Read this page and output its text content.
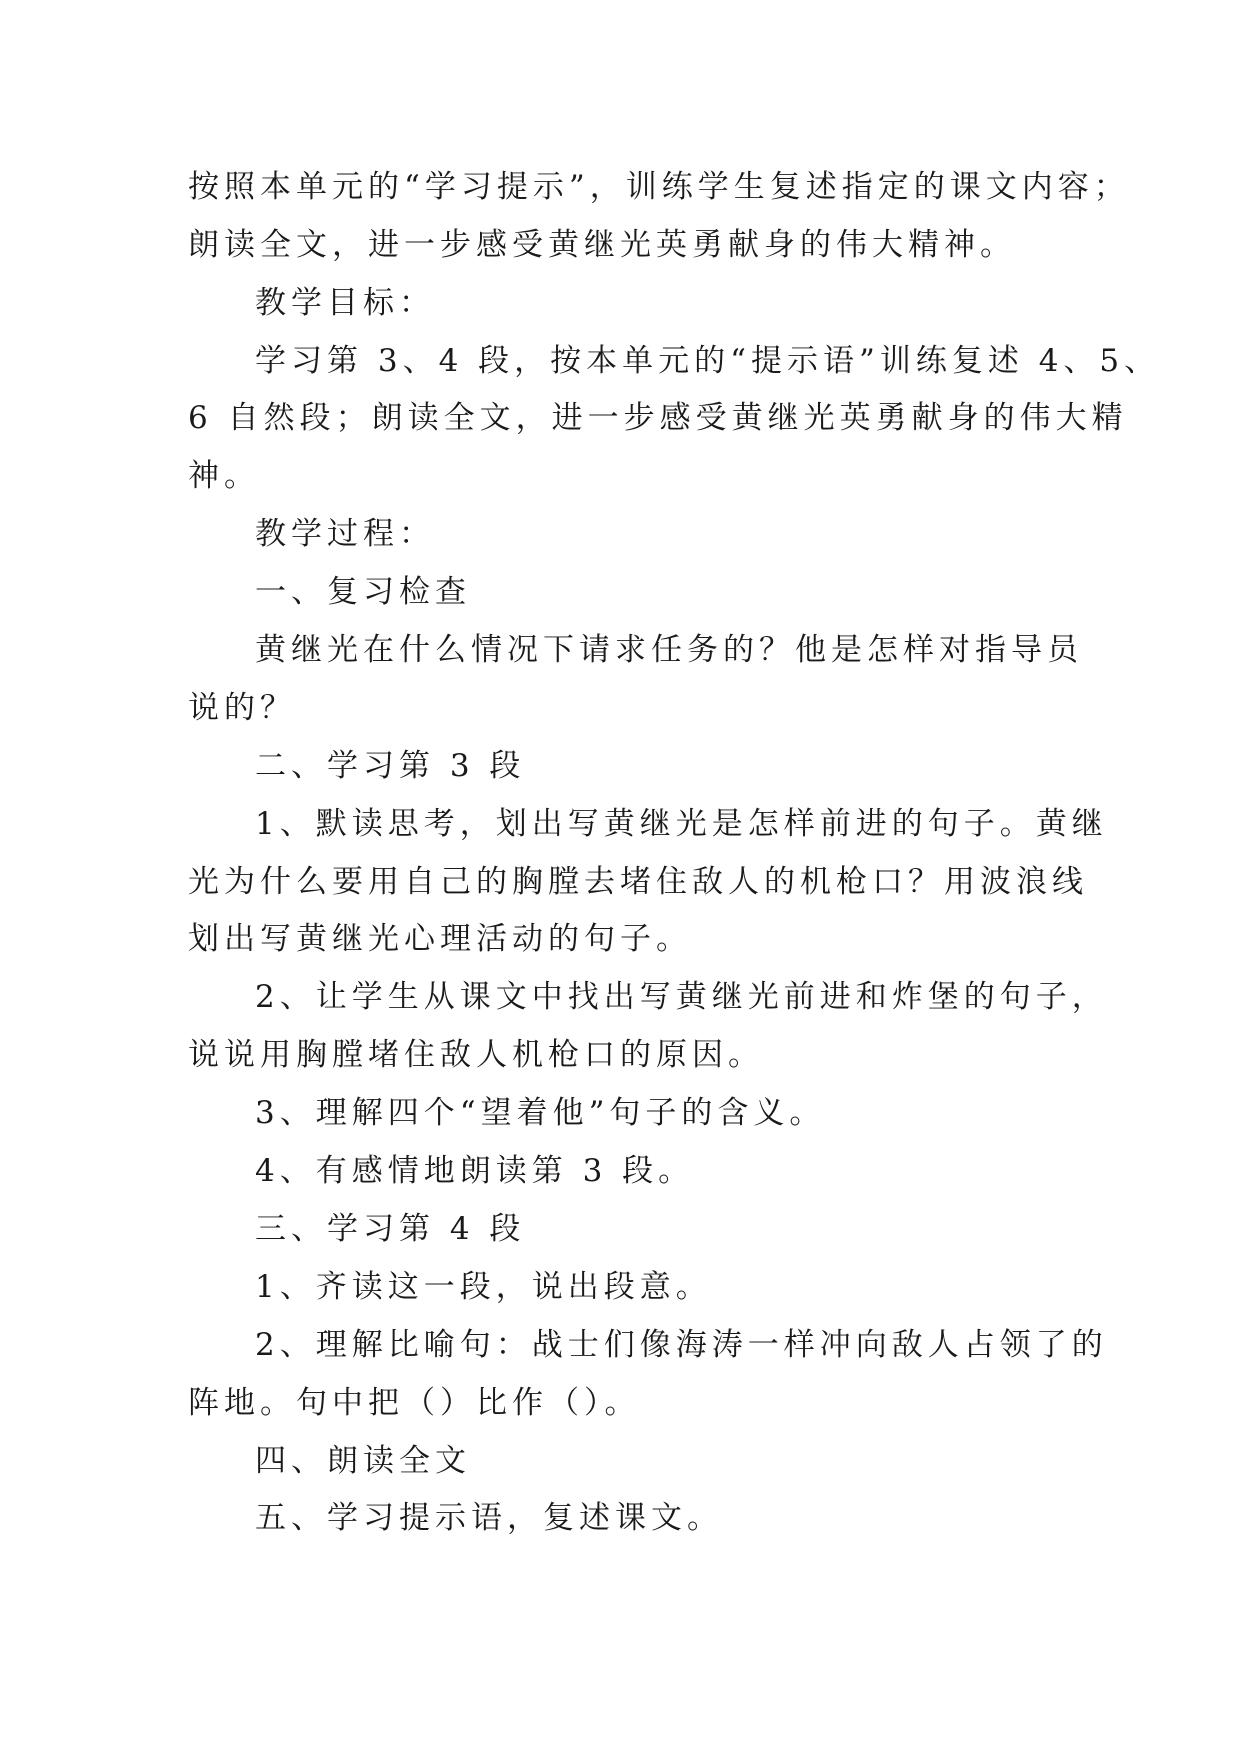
按照本单元的“学习提示”，训练学生复述指定的课文内容；
朗读全文，进一步感受黄继光英勇献身的伟大精神。
教学目标：
学习第 3、4 段，按本单元的“提示语”训练复述 4、5、
6 自然段；朗读全文，进一步感受黄继光英勇献身的伟大精
神。
教学过程：
一、复习检查
黄继光在什么情况下请求任务的？他是怎样对指导员
说的？
二、学习第 3 段
1、默读思考，划出写黄继光是怎样前进的句子。黄继
光为什么要用自己的胸膛去堵住敌人的机枪口？用波浪线
划出写黄继光心理活动的句子。
2、让学生从课文中找出写黄继光前进和炸堡的句子，
说说用胸膛堵住敌人机枪口的原因。
3、理解四个“望着他”句子的含义。
4、有感情地朗读第 3 段。
三、学习第 4 段
1、齐读这一段，说出段意。
2、理解比喻句：战士们像海涛一样冲向敌人占领了的
阵地。句中把（）比作（）。
四、朗读全文
五、学习提示语，复述课文。
